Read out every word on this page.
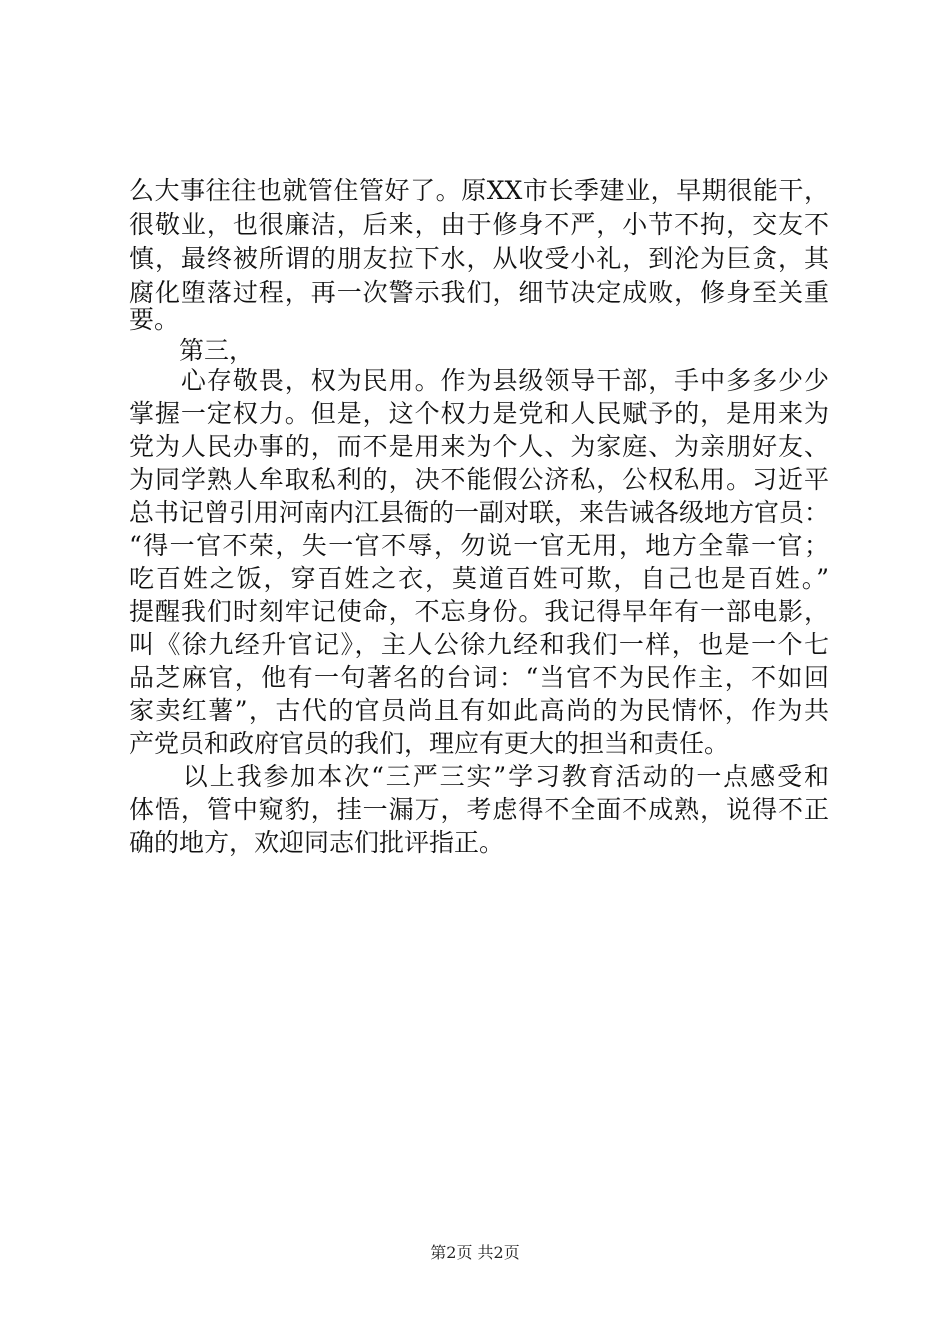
么大事往往也就管住管好了。原XX市长季建业，早期很能干，
很敬业，也很廉洁，后来，由于修身不严，小节不拘，交友不
慎，最终被所谓的朋友拉下水，从收受小礼，到沦为巨贪，其
腐化堕落过程，再一次警示我们，细节决定成败，修身至关重
要。
　　第三，
　　心存敬畏，权为民用。作为县级领导干部，手中多多少少
掌握一定权力。但是，这个权力是党和人民赋予的，是用来为
党为人民办事的，而不是用来为个人、为家庭、为亲朋好友、
为同学熟人牟取私利的，决不能假公济私，公权私用。习近平
总书记曾引用河南内江县衙的一副对联，来告诫各级地方官员：
“得一官不荣，失一官不辱，勿说一官无用，地方全靠一官；
吃百姓之饭，穿百姓之衣，莫道百姓可欺，自己也是百姓。”
提醒我们时刻牢记使命，不忘身份。我记得早年有一部电影，
叫《徐九经升官记》，主人公徐九经和我们一样，也是一个七
品芝麻官，他有一句著名的台词：“当官不为民作主，不如回
家卖红薯”，古代的官员尚且有如此高尚的为民情怀，作为共
产党员和政府官员的我们，理应有更大的担当和责任。
　　以上我参加本次“三严三实”学习教育活动的一点感受和
体悟，管中窥豹，挂一漏万，考虑得不全面不成熟，说得不正
确的地方，欢迎同志们批评指正。
第2页 共2页
